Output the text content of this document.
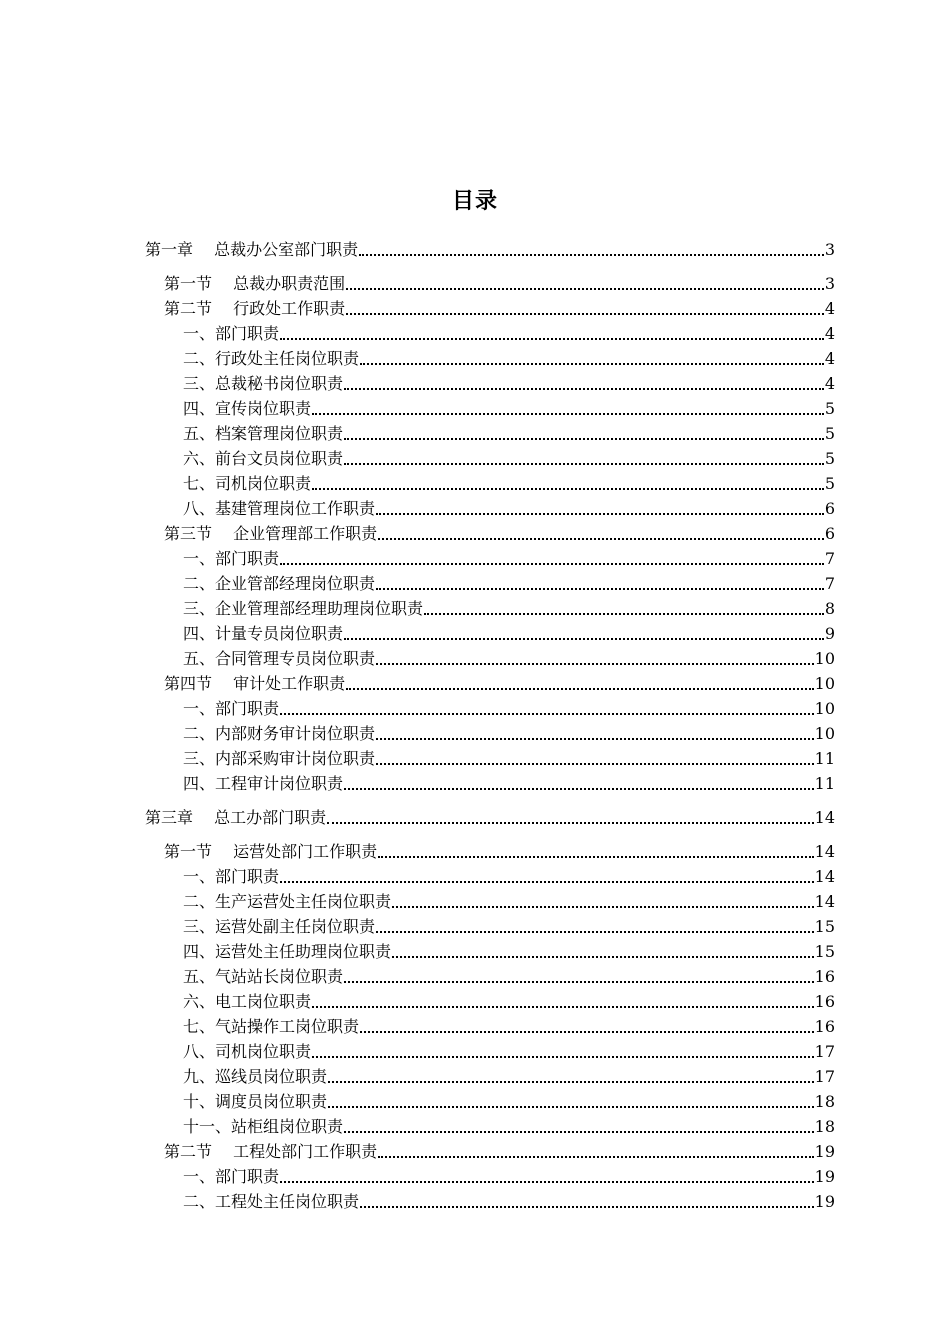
目录
第一章　 总裁办公室部门职责	3
第一节　 总裁办职责范围	3
第二节　 行政处工作职责	4
一、部门职责	4
二、行政处主任岗位职责	4
三、总裁秘书岗位职责	4
四、宣传岗位职责	5
五、档案管理岗位职责	5
六、前台文员岗位职责	5
七、司机岗位职责	5
八、基建管理岗位工作职责	6
第三节　 企业管理部工作职责	6
一、部门职责	7
二、企业管部经理岗位职责	7
三、企业管理部经理助理岗位职责	8
四、计量专员岗位职责	9
五、合同管理专员岗位职责	10
第四节　 审计处工作职责	10
一、部门职责	10
二、内部财务审计岗位职责	10
三、内部采购审计岗位职责	11
四、工程审计岗位职责	11
第三章　 总工办部门职责	14
第一节　 运营处部门工作职责	14
一、部门职责	14
二、生产运营处主任岗位职责	14
三、运营处副主任岗位职责	15
四、运营处主任助理岗位职责	15
五、气站站长岗位职责	16
六、电工岗位职责	16
七、气站操作工岗位职责	16
八、司机岗位职责	17
九、巡线员岗位职责	17
十、调度员岗位职责	18
十一、站柜组岗位职责	18
第二节　 工程处部门工作职责	19
一、部门职责	19
二、工程处主任岗位职责	19
